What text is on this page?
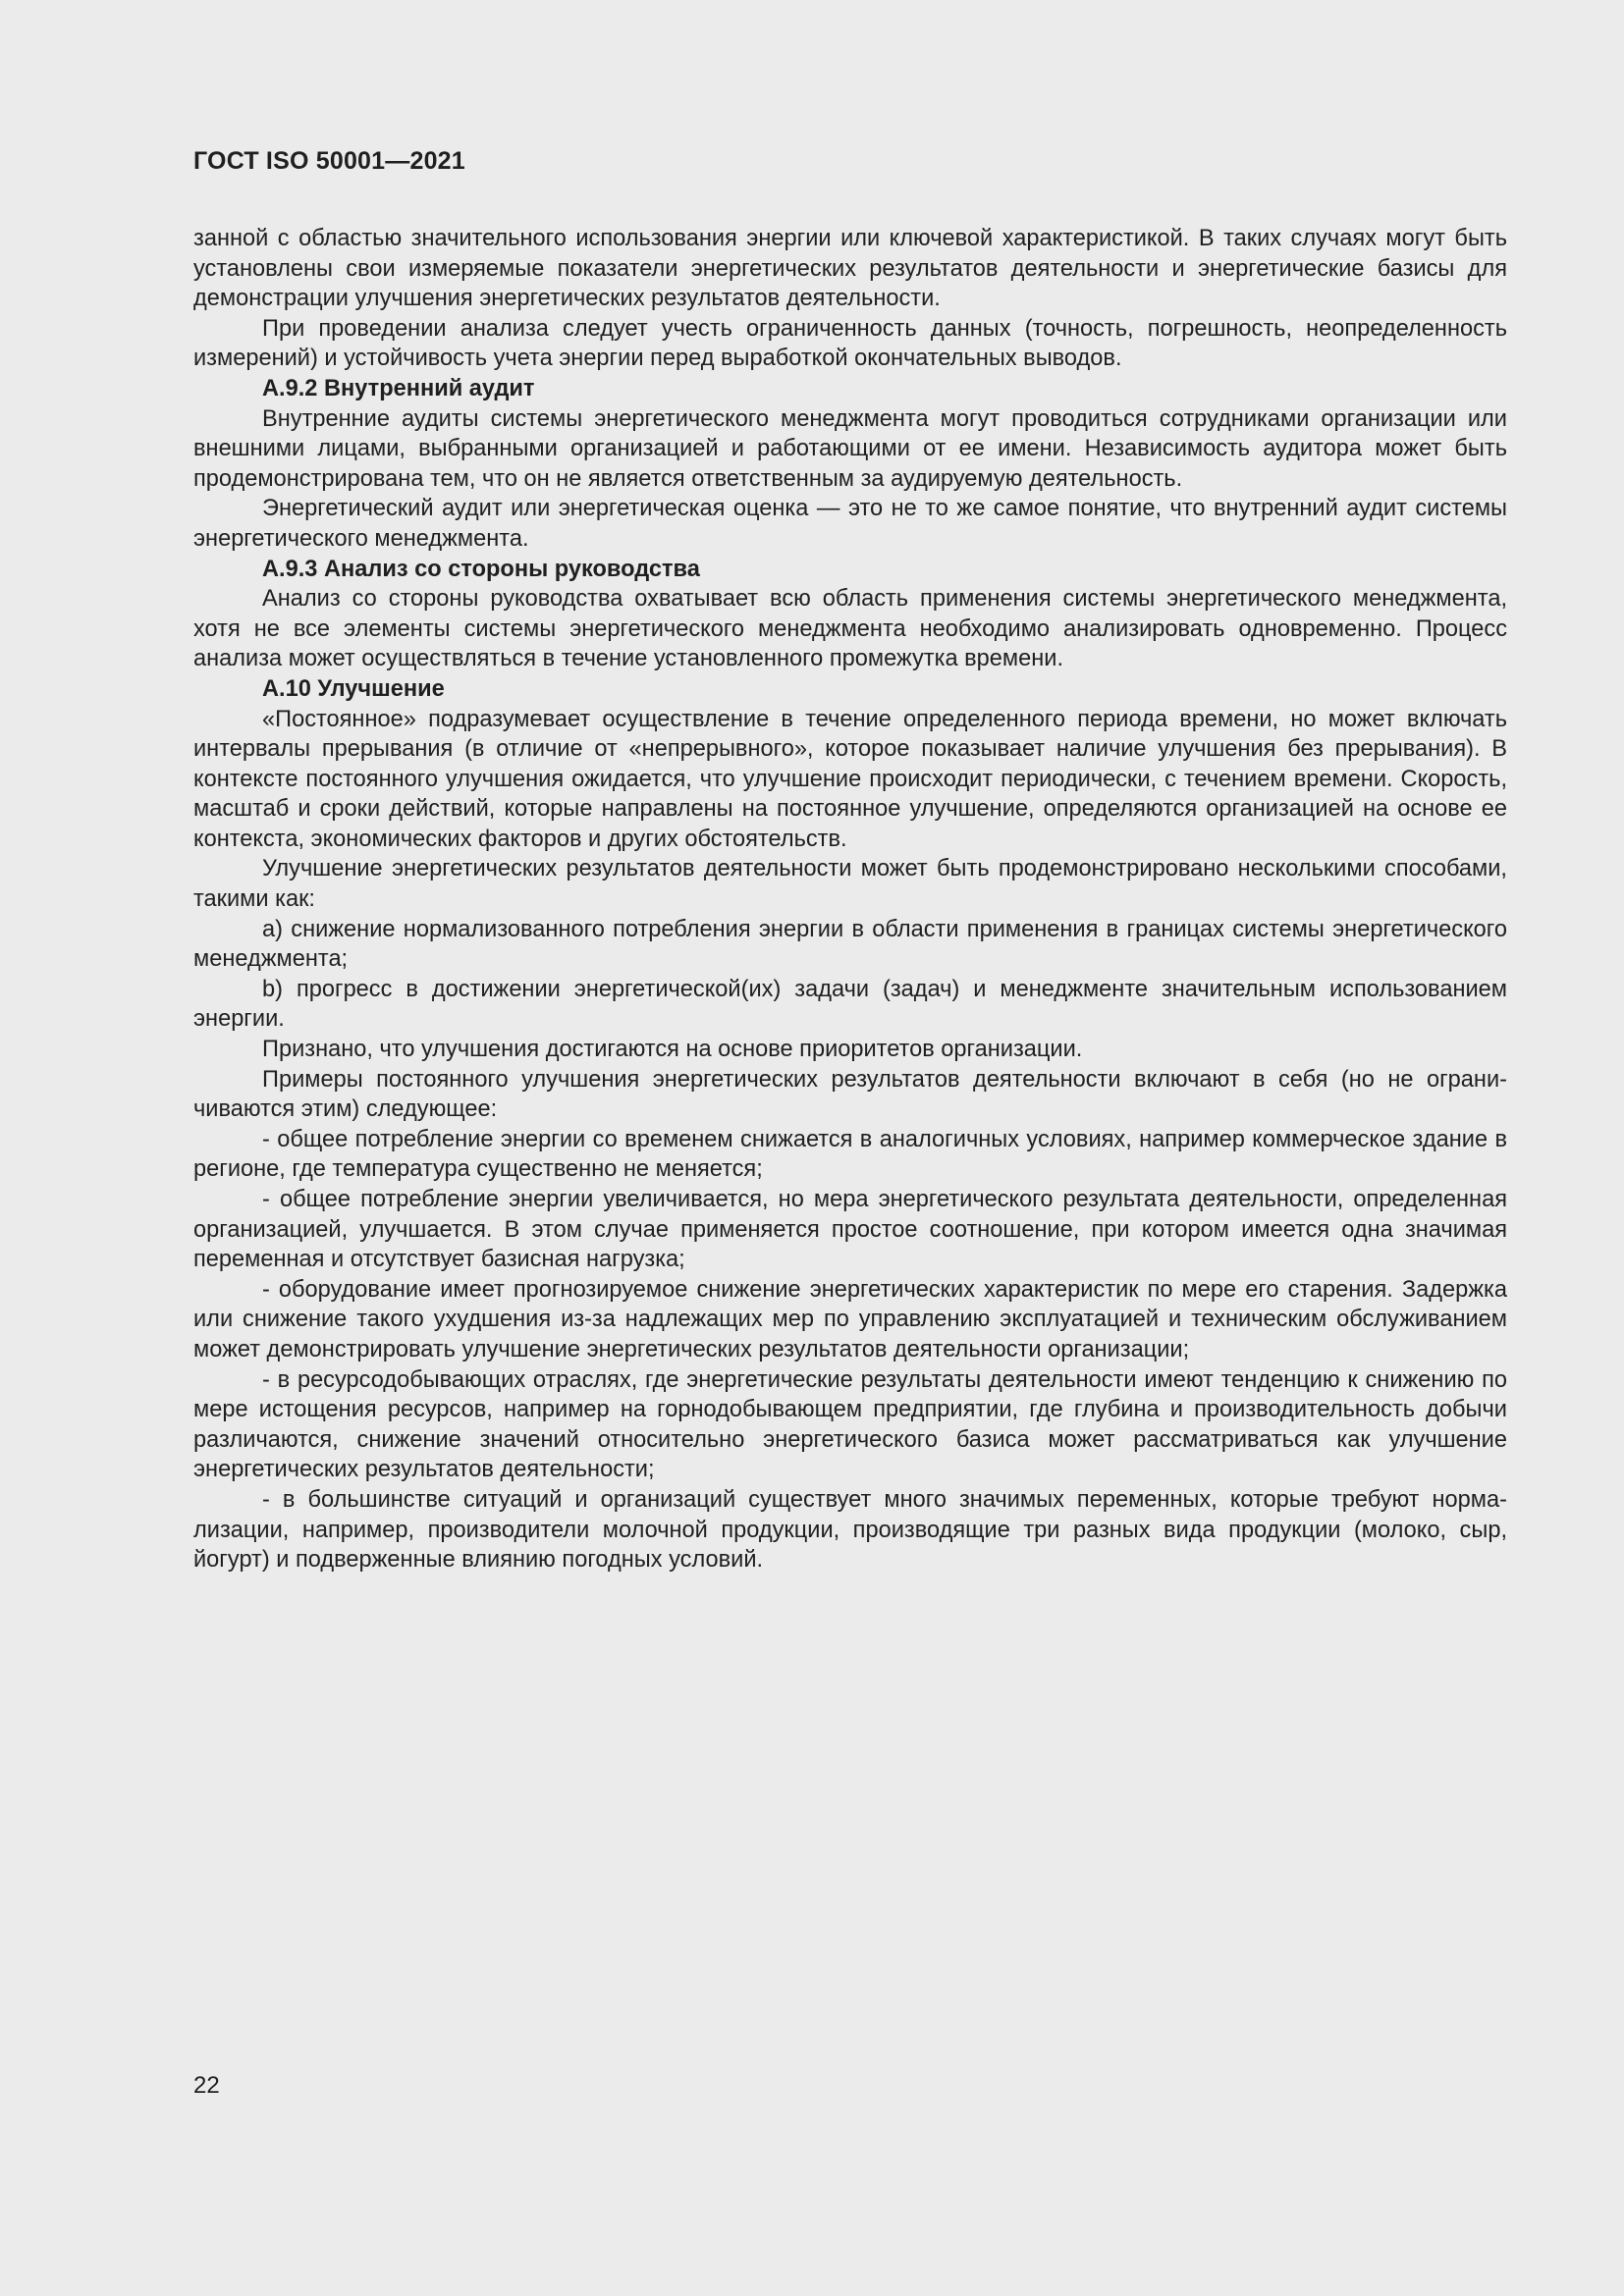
ГОСТ ISO 50001—2021

занной с областью значительного использования энергии или ключевой характеристикой. В таких случаях могут быть установлены свои измеряемые показатели энергетических результатов деятельности и энергетические базисы для демонстрации улучшения энергетических результатов деятельности.

При проведении анализа следует учесть ограниченность данных (точность, погрешность, неопределенность измерений) и устойчивость учета энергии перед выработкой окончательных выводов.

А.9.2 Внутренний аудит

Внутренние аудиты системы энергетического менеджмента могут проводиться сотрудниками организации или внешними лицами, выбранными организацией и работающими от ее имени. Независимость аудитора может быть продемонстрирована тем, что он не является ответственным за аудируемую деятельность.

Энергетический аудит или энергетическая оценка — это не то же самое понятие, что внутренний аудит системы энергетического менеджмента.

А.9.3 Анализ со стороны руководства

Анализ со стороны руководства охватывает всю область применения системы энергетического менеджмента, хотя не все элементы системы энергетического менеджмента необходимо анализировать одновременно. Процесс анализа может осуществляться в течение установленного промежутка времени.

А.10 Улучшение

«Постоянное» подразумевает осуществление в течение определенного периода времени, но может включать интервалы прерывания (в отличие от «непрерывного», которое показывает наличие улучшения без прерывания). В контексте постоянного улучшения ожидается, что улучшение происходит периодически, с течением времени. Скорость, масштаб и сроки действий, которые направлены на постоянное улучшение, определяются организацией на основе ее контекста, экономических факторов и других обстоятельств.

Улучшение энергетических результатов деятельности может быть продемонстрировано несколькими способами, такими как:

a) снижение нормализованного потребления энергии в области применения в границах системы энергетического менеджмента;

b) прогресс в достижении энергетической(их) задачи (задач) и менеджменте значительным использованием энергии.

Признано, что улучшения достигаются на основе приоритетов организации.

Примеры постоянного улучшения энергетических результатов деятельности включают в себя (но не ограничиваются этим) следующее:

- общее потребление энергии со временем снижается в аналогичных условиях, например коммерческое здание в регионе, где температура существенно не меняется;

- общее потребление энергии увеличивается, но мера энергетического результата деятельности, определенная организацией, улучшается. В этом случае применяется простое соотношение, при котором имеется одна значимая переменная и отсутствует базисная нагрузка;

- оборудование имеет прогнозируемое снижение энергетических характеристик по мере его старения. Задержка или снижение такого ухудшения из-за надлежащих мер по управлению эксплуатацией и техническим обслуживанием может демонстрировать улучшение энергетических результатов деятельности организации;

- в ресурсодобывающих отраслях, где энергетические результаты деятельности имеют тенденцию к снижению по мере истощения ресурсов, например на горнодобывающем предприятии, где глубина и производительность добычи различаются, снижение значений относительно энергетического базиса может рассматриваться как улучшение энергетических результатов деятельности;

- в большинстве ситуаций и организаций существует много значимых переменных, которые требуют нормализации, например, производители молочной продукции, производящие три разных вида продукции (молоко, сыр, йогурт) и подверженные влиянию погодных условий.

22
